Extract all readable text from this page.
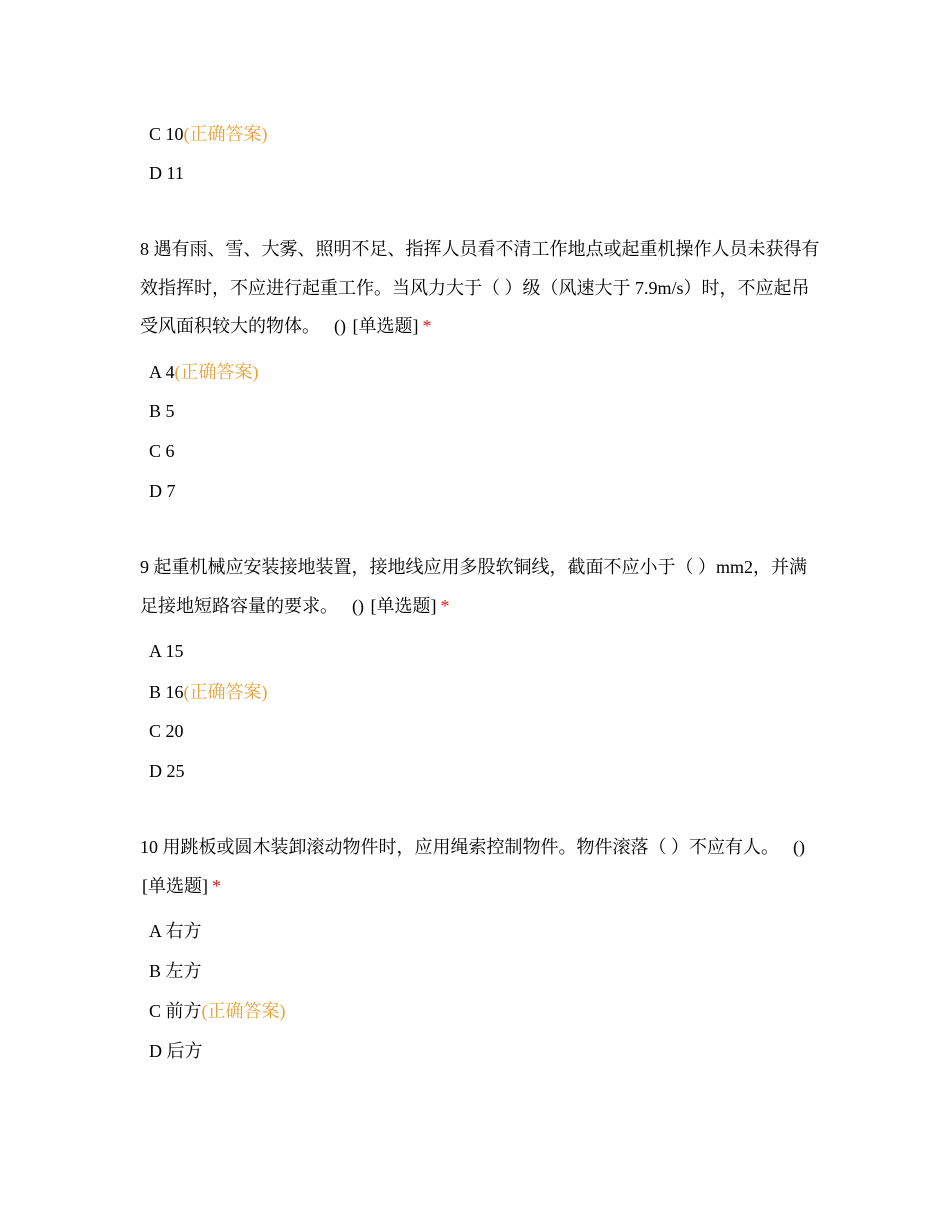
C 10(正确答案)
D 11

8 遇有雨、雪、大雾、照明不足、指挥人员看不清工作地点或起重机操作人员未获得有效指挥时，不应进行起重工作。当风力大于（ ）级（风速大于 7.9m/s）时，不应起吊受风面积较大的物体。 () [单选题] *

A 4(正确答案)
B 5
C 6
D 7

9 起重机械应安装接地装置，接地线应用多股软铜线，截面不应小于（ ）mm2，并满足接地短路容量的要求。 () [单选题] *

A 15
B 16(正确答案)
C 20
D 25

10 用跳板或圆木装卸滚动物件时，应用绳索控制物件。物件滚落（ ）不应有人。 () [单选题] *

A 右方
B 左方
C 前方(正确答案)
D 后方
